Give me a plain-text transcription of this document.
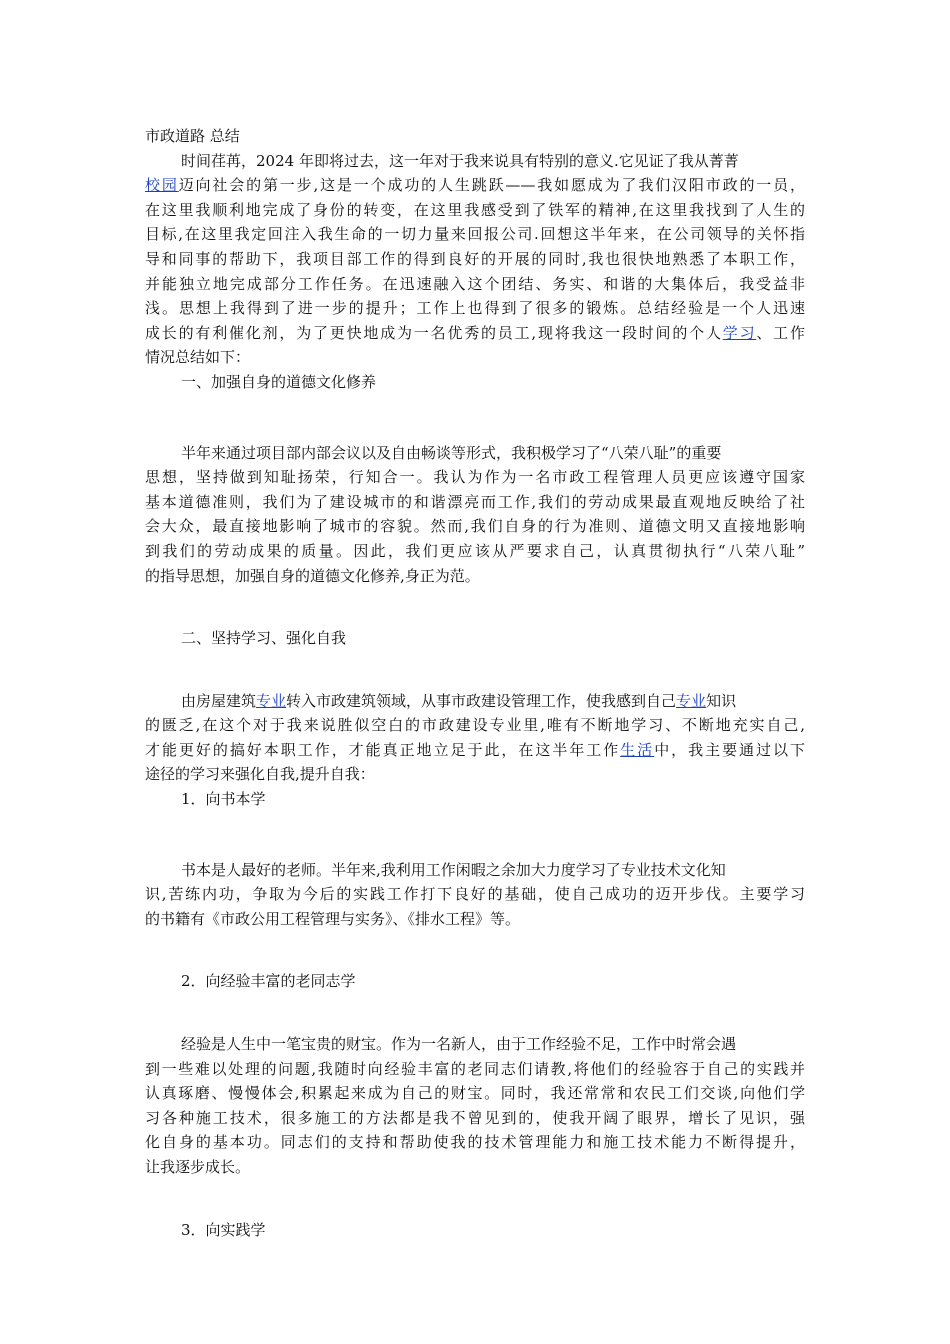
市政道路 总结
时间荏苒，2024 年即将过去，这一年对于我来说具有特别的意义.它见证了我从菁菁
校园迈向社会的第一步,这是一个成功的人生跳跃——我如愿成为了我们汉阳市政的一员，
在这里我顺利地完成了身份的转变，在这里我感受到了铁军的精神,在这里我找到了人生的
目标,在这里我定回注入我生命的一切力量来回报公司.回想这半年来，在公司领导的关怀指
导和同事的帮助下，我项目部工作的得到良好的开展的同时,我也很快地熟悉了本职工作，
并能独立地完成部分工作任务。在迅速融入这个团结、务实、和谐的大集体后，我受益非
浅。思想上我得到了进一步的提升；工作上也得到了很多的锻炼。总结经验是一个人迅速
成长的有利催化剂，为了更快地成为一名优秀的员工,现将我这一段时间的个人学习、工作
情况总结如下：
一、加强自身的道德文化修养
半年来通过项目部内部会议以及自由畅谈等形式，我积极学习了“八荣八耻”的重要
思想，坚持做到知耻扬荣，行知合一。我认为作为一名市政工程管理人员更应该遵守国家
基本道德准则，我们为了建设城市的和谐漂亮而工作,我们的劳动成果最直观地反映给了社
会大众，最直接地影响了城市的容貌。然而,我们自身的行为准则、道德文明又直接地影响
到我们的劳动成果的质量。因此，我们更应该从严要求自己，认真贯彻执行“八荣八耻”
的指导思想，加强自身的道德文化修养,身正为范。
二、坚持学习、强化自我
由房屋建筑专业转入市政建筑领域，从事市政建设管理工作，使我感到自己专业知识
的匮乏,在这个对于我来说胜似空白的市政建设专业里,唯有不断地学习、不断地充实自己,
才能更好的搞好本职工作，才能真正地立足于此，在这半年工作生活中，我主要通过以下
途径的学习来强化自我,提升自我：
1．向书本学
书本是人最好的老师。半年来,我利用工作闲暇之余加大力度学习了专业技术文化知
识,苦练内功，争取为今后的实践工作打下良好的基础，使自己成功的迈开步伐。主要学习
的书籍有《市政公用工程管理与实务》、《排水工程》等。
2．向经验丰富的老同志学
经验是人生中一笔宝贵的财宝。作为一名新人，由于工作经验不足，工作中时常会遇
到一些难以处理的问题,我随时向经验丰富的老同志们请教,将他们的经验容于自己的实践并
认真琢磨、慢慢体会,积累起来成为自己的财宝。同时，我还常常和农民工们交谈,向他们学
习各种施工技术，很多施工的方法都是我不曾见到的，使我开阔了眼界，增长了见识，强
化自身的基本功。同志们的支持和帮助使我的技术管理能力和施工技术能力不断得提升，
让我逐步成长。
3．向实践学
